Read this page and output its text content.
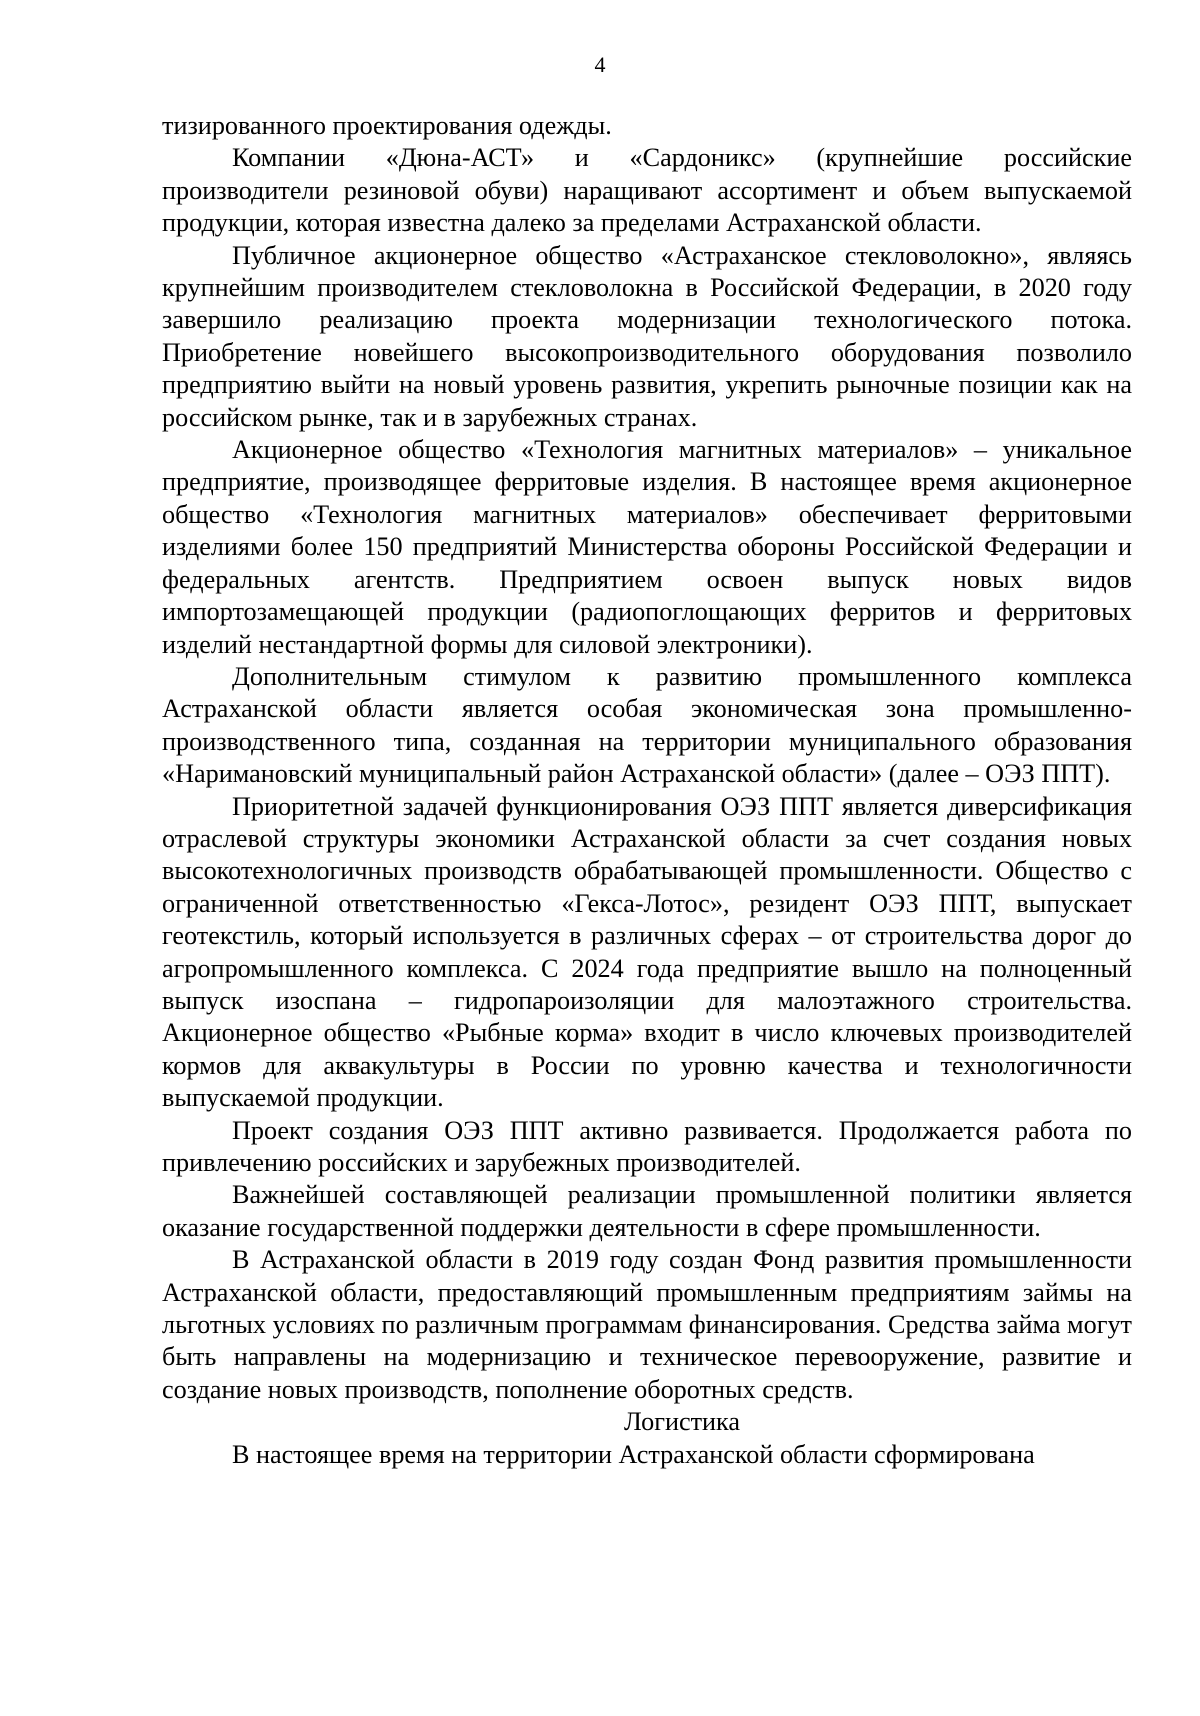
4

тизированного проектирования одежды.

Компании «Дюна-АСТ» и «Сардоникс» (крупнейшие российские производители резиновой обуви) наращивают ассортимент и объем выпускаемой продукции, которая известна далеко за пределами Астраханской области.

Публичное акционерное общество «Астраханское стекловолокно», являясь крупнейшим производителем стекловолокна в Российской Федерации, в 2020 году завершило реализацию проекта модернизации технологического потока. Приобретение новейшего высокопроизводительного оборудования позволило предприятию выйти на новый уровень развития, укрепить рыночные позиции как на российском рынке, так и в зарубежных странах.

Акционерное общество «Технология магнитных материалов» – уникальное предприятие, производящее ферритовые изделия. В настоящее время акционерное общество «Технология магнитных материалов» обеспечивает ферритовыми изделиями более 150 предприятий Министерства обороны Российской Федерации и федеральных агентств. Предприятием освоен выпуск новых видов импортозамещающей продукции (радиопоглощающих ферритов и ферритовых изделий нестандартной формы для силовой электроники).

Дополнительным стимулом к развитию промышленного комплекса Астраханской области является особая экономическая зона промышленно-производственного типа, созданная на территории муниципального образования «Наримановский муниципальный район Астраханской области» (далее – ОЭЗ ППТ).

Приоритетной задачей функционирования ОЭЗ ППТ является диверсификация отраслевой структуры экономики Астраханской области за счет создания новых высокотехнологичных производств обрабатывающей промышленности. Общество с ограниченной ответственностью «Гекса-Лотос», резидент ОЭЗ ППТ, выпускает геотекстиль, который используется в различных сферах – от строительства дорог до агропромышленного комплекса. С 2024 года предприятие вышло на полноценный выпуск изоспана – гидропароизоляции для малоэтажного строительства. Акционерное общество «Рыбные корма» входит в число ключевых производителей кормов для аквакультуры в России по уровню качества и технологичности выпускаемой продукции.

Проект создания ОЭЗ ППТ активно развивается. Продолжается работа по привлечению российских и зарубежных производителей.

Важнейшей составляющей реализации промышленной политики является оказание государственной поддержки деятельности в сфере промышленности.

В Астраханской области в 2019 году создан Фонд развития промышленности Астраханской области, предоставляющий промышленным предприятиям займы на льготных условиях по различным программам финансирования. Средства займа могут быть направлены на модернизацию и техническое перевооружение, развитие и создание новых производств, пополнение оборотных средств.

Логистика

В настоящее время на территории Астраханской области сформирована
